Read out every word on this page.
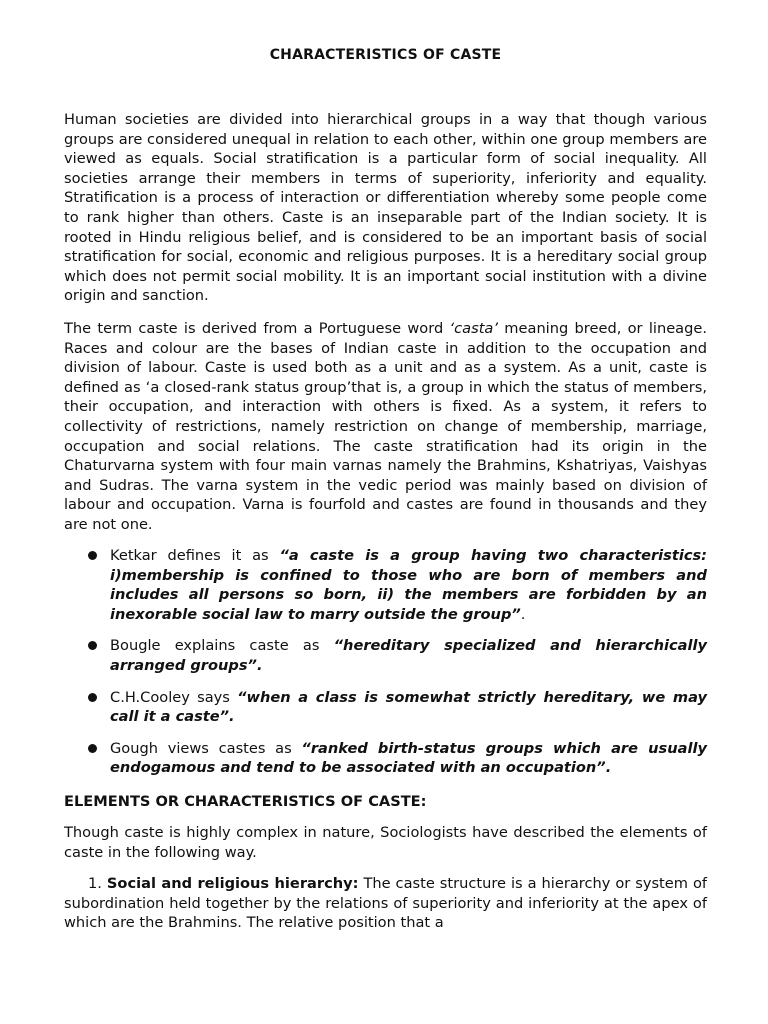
CHARACTERISTICS OF CASTE

Human societies are divided into hierarchical groups in a way that though various groups are considered unequal in relation to each other, within one group members are viewed as equals. Social stratification is a particular form of social inequality. All societies arrange their members in terms of superiority, inferiority and equality. Stratification is a process of interaction or differentiation whereby some people come to rank higher than others. Caste is an inseparable part of the Indian society. It is rooted in Hindu religious belief, and is considered to be an important basis of social stratification for social, economic and religious purposes. It is a hereditary social group which does not permit social mobility. It is an important social institution with a divine origin and sanction.

The term caste is derived from a Portuguese word ‘casta’ meaning breed, or lineage. Races and colour are the bases of Indian caste in addition to the occupation and division of labour. Caste is used both as a unit and as a system. As a unit, caste is defined as ‘a closed-rank status group’that is, a group in which the status of members, their occupation, and interaction with others is fixed. As a system, it refers to collectivity of restrictions, namely restriction on change of membership, marriage, occupation and social relations. The caste stratification had its origin in the Chaturvarna system with four main varnas namely the Brahmins, Kshatriyas, Vaishyas and Sudras. The varna system in the vedic period was mainly based on division of labour and occupation. Varna is fourfold and castes are found in thousands and they are not one.

Ketkar defines it as “a caste is a group having two characteristics: i)membership is confined to those who are born of members and includes all persons so born, ii) the members are forbidden by an inexorable social law to marry outside the group”.
Bougle explains caste as “hereditary specialized and hierarchically arranged groups”.
C.H.Cooley says “when a class is somewhat strictly hereditary, we may call it a caste”.
Gough views castes as “ranked birth-status groups which are usually endogamous and tend to be associated with an occupation”.
ELEMENTS OR CHARACTERISTICS OF CASTE:

Though caste is highly complex in nature, Sociologists have described the elements of caste in the following way.

1. Social and religious hierarchy: The caste structure is a hierarchy or system of subordination held together by the relations of superiority and inferiority at the apex of which are the Brahmins. The relative position that a
